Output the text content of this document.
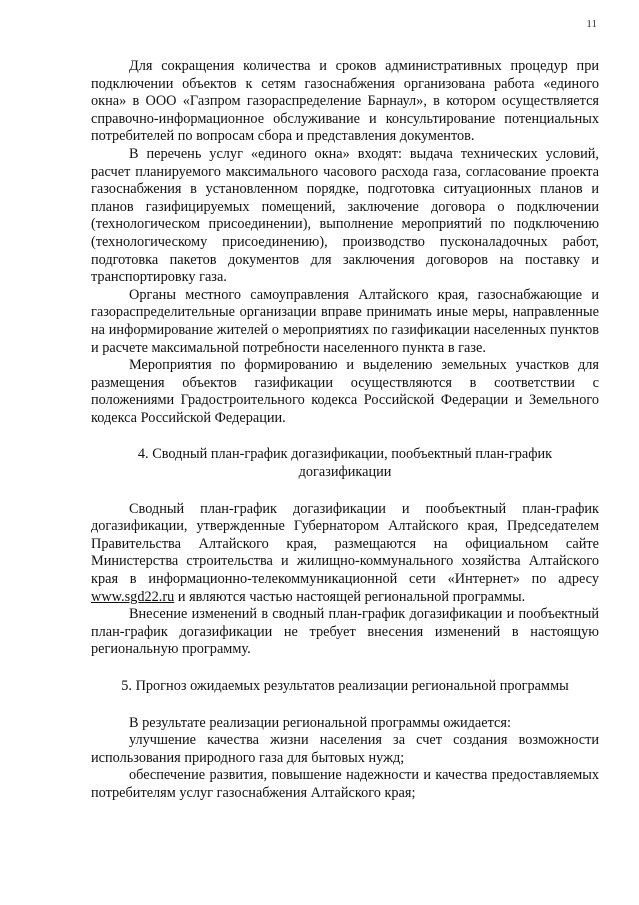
11

Для сокращения количества и сроков административных процедур при подключении объектов к сетям газоснабжения организована работа «единого окна» в ООО «Газпром газораспределение Барнаул», в котором осуществляется справочно-информационное обслуживание и консультирование потенциальных потребителей по вопросам сбора и представления документов.

В перечень услуг «единого окна» входят: выдача технических условий, расчет планируемого максимального часового расхода газа, согласование проекта газоснабжения в установленном порядке, подготовка ситуационных планов и планов газифицируемых помещений, заключение договора о подключении (технологическом присоединении), выполнение мероприятий по подключению (технологическому присоединению), производство пусконаладочных работ, подготовка пакетов документов для заключения договоров на поставку и транспортировку газа.

Органы местного самоуправления Алтайского края, газоснабжающие и газораспределительные организации вправе принимать иные меры, направленные на информирование жителей о мероприятиях по газификации населенных пунктов и расчете максимальной потребности населенного пункта в газе.

Мероприятия по формированию и выделению земельных участков для размещения объектов газификации осуществляются в соответствии с положениями Градостроительного кодекса Российской Федерации и Земельного кодекса Российской Федерации.

4. Сводный план-график догазификации, пообъектный план-график догазификации

Сводный план-график догазификации и пообъектный план-график догазификации, утвержденные Губернатором Алтайского края, Председателем Правительства Алтайского края, размещаются на официальном сайте Министерства строительства и жилищно-коммунального хозяйства Алтайского края в информационно-телекоммуникационной сети «Интернет» по адресу www.sgd22.ru и являются частью настоящей региональной программы.

Внесение изменений в сводный план-график догазификации и пообъектный план-график догазификации не требует внесения изменений в настоящую региональную программу.

5. Прогноз ожидаемых результатов реализации региональной программы

В результате реализации региональной программы ожидается:

улучшение качества жизни населения за счет создания возможности использования природного газа для бытовых нужд;

обеспечение развития, повышение надежности и качества предоставляемых потребителям услуг газоснабжения Алтайского края;
